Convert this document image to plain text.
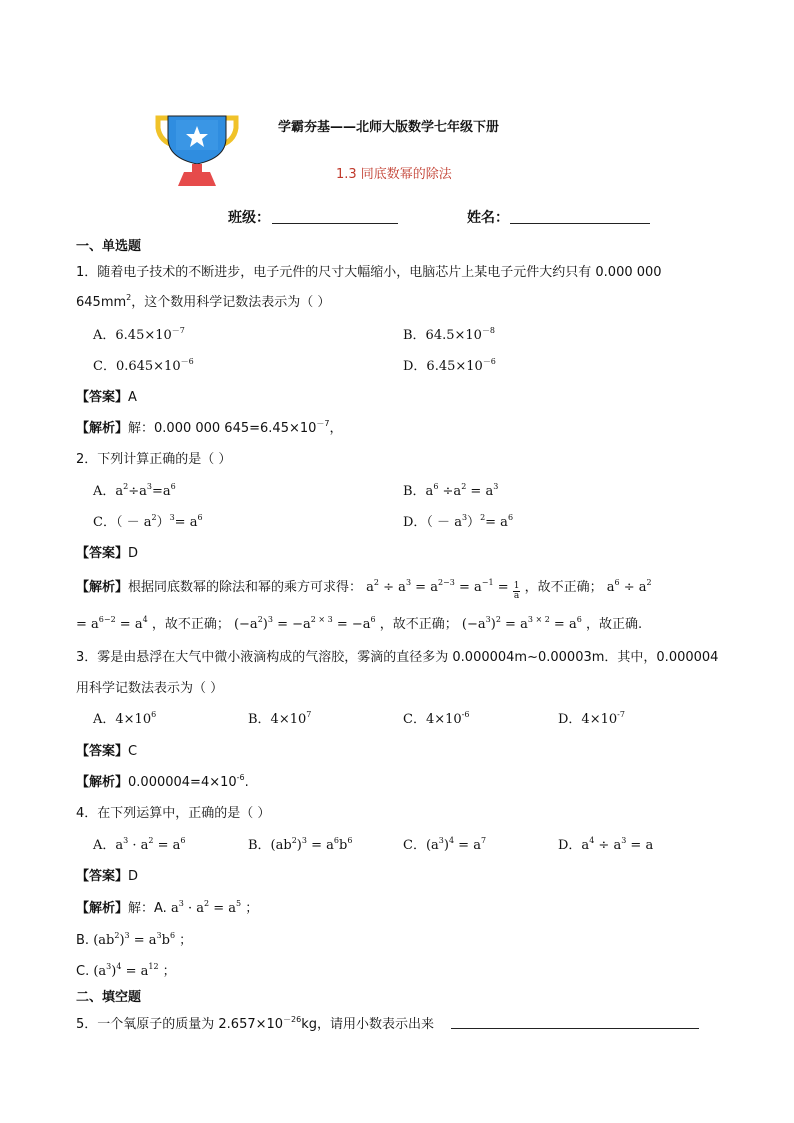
学霸夯基——北师大版数学七年级下册
1.3 同底数幂的除法
班级：	姓名：
一、单选题
1．随着电子技术的不断进步，电子元件的尺寸大幅缩小，电脑芯片上某电子元件大约只有 0.000 000
$645mm^2$，这个数用科学记数法表示为（ ）
A．$6.45\times 10^{-7}$	B．$64.5\times 10^{-8}$
C．$0.645\times 10^{-6}$	D．$6.45\times 10^{-6}$
【答案】A
【解析】解：0.000 000 $645=6.45\times 10^{-7}$，
2．下列计算正确的是（ ）
A．$a^2\div a^3=a^6$	B．$a^6 \div a^2 = a^3$
C．（ － $a^2)^3= a^6$	D．（ － $a^3)^2= a^6$
【答案】D
【解析】根据同底数幂的除法和幂的乘方可求得： $a^2 \div a^3 = a^{2-3} = a^{-1} = \frac{1}{a}$ ，故不正确； $a^6 \div a^2$
= $a^{6-2} = a^4$ ，故不正确； $(-a^2)^3 = -a^{2 \times 3} = -a^6$ ，故不正确； $(-a^3)^2 = a^{3 \times 2} = a^6$ ，故正确.
3．雾是由悬浮在大气中微小液滴构成的气溶胶，雾滴的直径多为 0.000004m~0.00003m．其中，0.000004
用科学记数法表示为（ ）
A．$4\times 10^6$	B．$4\times 10^7$	C．$4\times 10^{-6}$	D．$4\times 10^{-7}$
【答案】C
【解析】$0.000004=4\times 10^{-6}$.
4．在下列运算中，正确的是（ ）
A．$a^3 \cdot a^2 = a^6$	B．$(ab^2)^3 = a^6b^6$	C．$(a^3)^4 = a^7$	D．$a^4 \div a^3 = a$
【答案】D
【解析】解：A. $a^3 \cdot a^2 = a^5$ ；
B. $(ab^2)^3 = a^3b^6$ ；
C. $(a^3)^4 = a^{12}$ ；
二、填空题
5．一个氧原子的质量为 $2.657\times 10^{-26}kg$，请用小数表示出来
